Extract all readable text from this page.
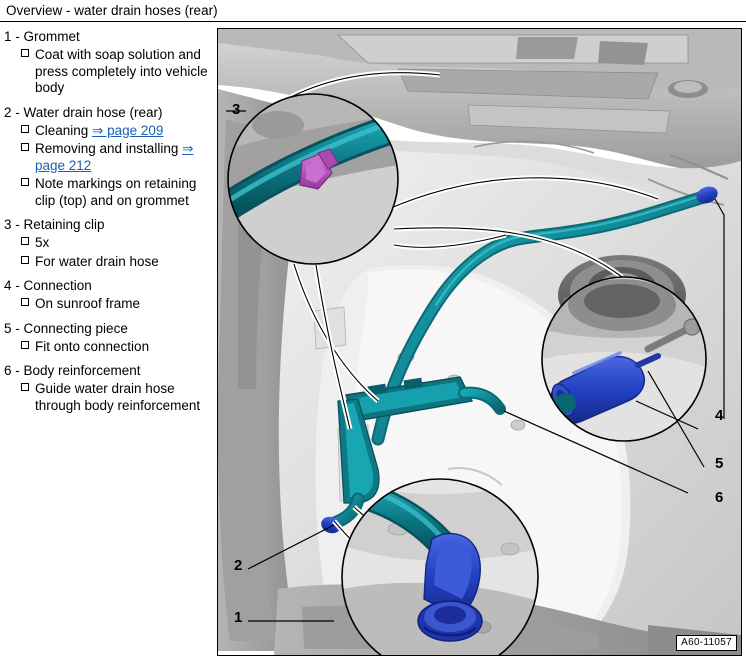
Overview - water drain hoses (rear)
1 - Grommet
Coat with soap solution and press completely into vehicle body
2 - Water drain hose (rear)
Cleaning ⇒ page 209
Removing and installing ⇒ page 212
Note markings on retaining clip (top) and on grommet
3 - Retaining clip
5x
For water drain hose
4 - Connection
On sunroof frame
5 - Connecting piece
Fit onto connection
6 - Body reinforcement
Guide water drain hose through body reinforcement
3
4
5
6
2
1
A60-11057
